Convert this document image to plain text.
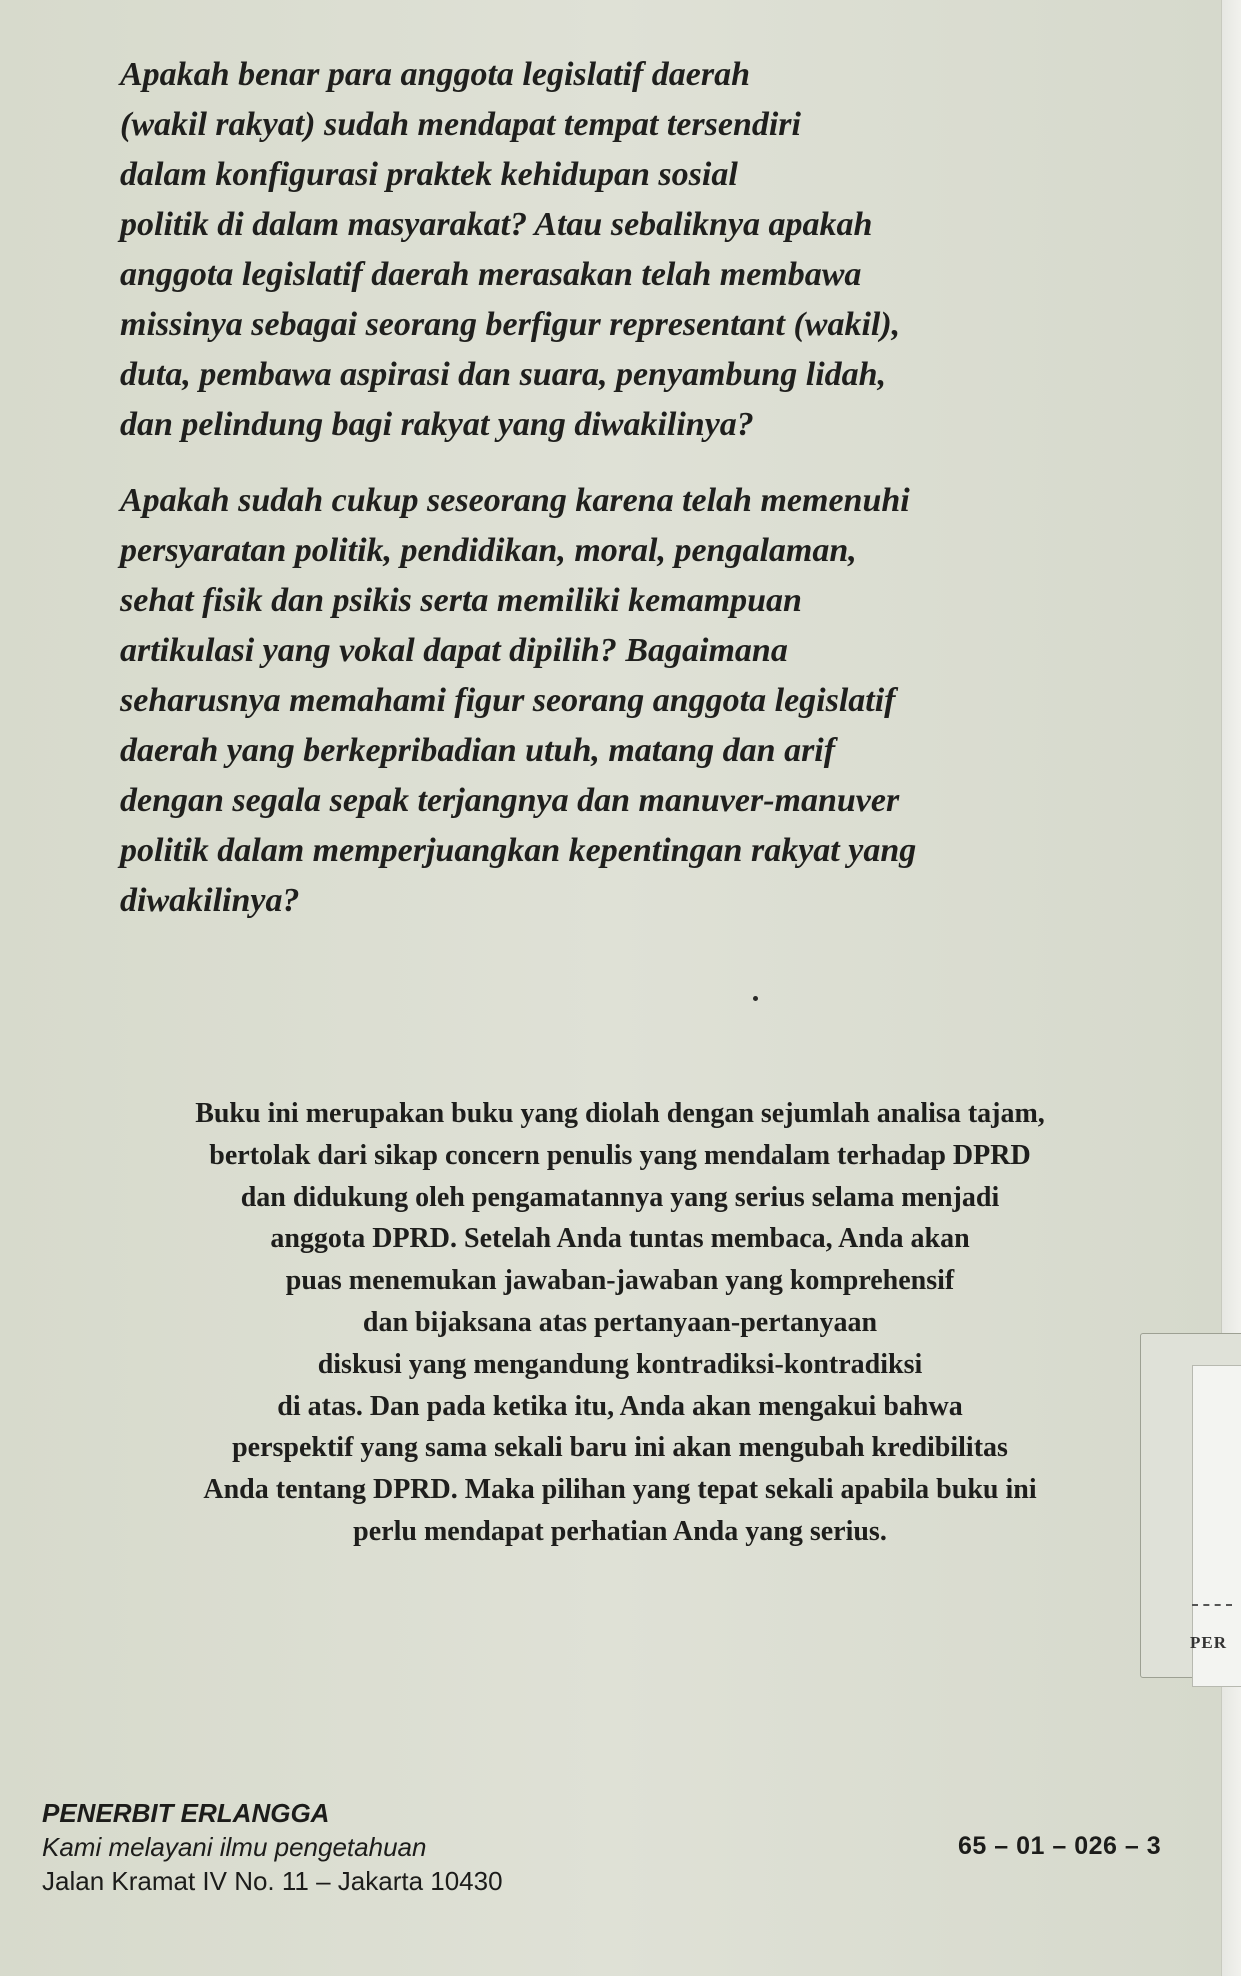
Apakah benar para anggota legislatif daerah
(wakil rakyat) sudah mendapat tempat tersendiri
dalam konfigurasi praktek kehidupan sosial
politik di dalam masyarakat? Atau sebaliknya apakah
anggota legislatif daerah merasakan telah membawa
missinya sebagai seorang berfigur representant (wakil),
duta, pembawa aspirasi dan suara, penyambung lidah,
dan pelindung bagi rakyat yang diwakilinya?

Apakah sudah cukup seseorang karena telah memenuhi
persyaratan politik, pendidikan, moral, pengalaman,
sehat fisik dan psikis serta memiliki kemampuan
artikulasi yang vokal dapat dipilih? Bagaimana
seharusnya memahami figur seorang anggota legislatif
daerah yang berkepribadian utuh, matang dan arif
dengan segala sepak terjangnya dan manuver-manuver
politik dalam memperjuangkan kepentingan rakyat yang
diwakilinya?

Buku ini merupakan buku yang diolah dengan sejumlah analisa tajam,
bertolak dari sikap concern penulis yang mendalam terhadap DPRD
dan didukung oleh pengamatannya yang serius selama menjadi
anggota DPRD. Setelah Anda tuntas membaca, Anda akan
puas menemukan jawaban-jawaban yang komprehensif
dan bijaksana atas pertanyaan-pertanyaan
diskusi yang mengandung kontradiksi-kontradiksi
di atas. Dan pada ketika itu, Anda akan mengakui bahwa
perspektif yang sama sekali baru ini akan mengubah kredibilitas
Anda tentang DPRD. Maka pilihan yang tepat sekali apabila buku ini
perlu mendapat perhatian Anda yang serius.
PENERBIT ERLANGGA
Kami melayani ilmu pengetahuan
Jalan Kramat IV No. 11 – Jakarta 10430
65 – 01 – 026 – 3
PER
